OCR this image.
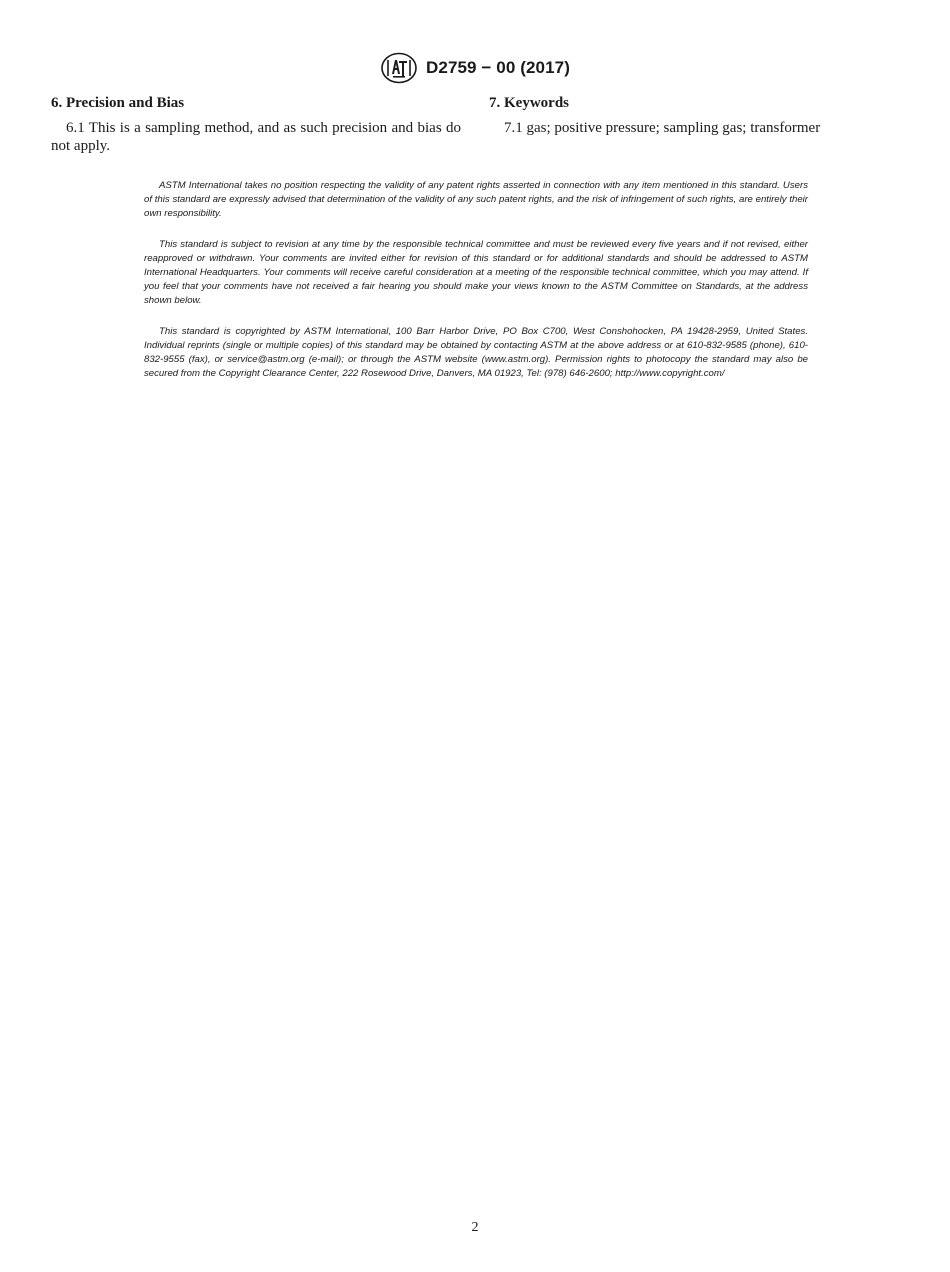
D2759 − 00 (2017)
6. Precision and Bias

6.1 This is a sampling method, and as such precision and bias do not apply.

7. Keywords

7.1 gas; positive pressure; sampling gas; transformer

ASTM International takes no position respecting the validity of any patent rights asserted in connection with any item mentioned in this standard. Users of this standard are expressly advised that determination of the validity of any such patent rights, and the risk of infringement of such rights, are entirely their own responsibility.

This standard is subject to revision at any time by the responsible technical committee and must be reviewed every five years and if not revised, either reapproved or withdrawn. Your comments are invited either for revision of this standard or for additional standards and should be addressed to ASTM International Headquarters. Your comments will receive careful consideration at a meeting of the responsible technical committee, which you may attend. If you feel that your comments have not received a fair hearing you should make your views known to the ASTM Committee on Standards, at the address shown below.

This standard is copyrighted by ASTM International, 100 Barr Harbor Drive, PO Box C700, West Conshohocken, PA 19428-2959, United States. Individual reprints (single or multiple copies) of this standard may be obtained by contacting ASTM at the above address or at 610-832-9585 (phone), 610-832-9555 (fax), or service@astm.org (e-mail); or through the ASTM website (www.astm.org). Permission rights to photocopy the standard may also be secured from the Copyright Clearance Center, 222 Rosewood Drive, Danvers, MA 01923, Tel: (978) 646-2600; http://www.copyright.com/

2
